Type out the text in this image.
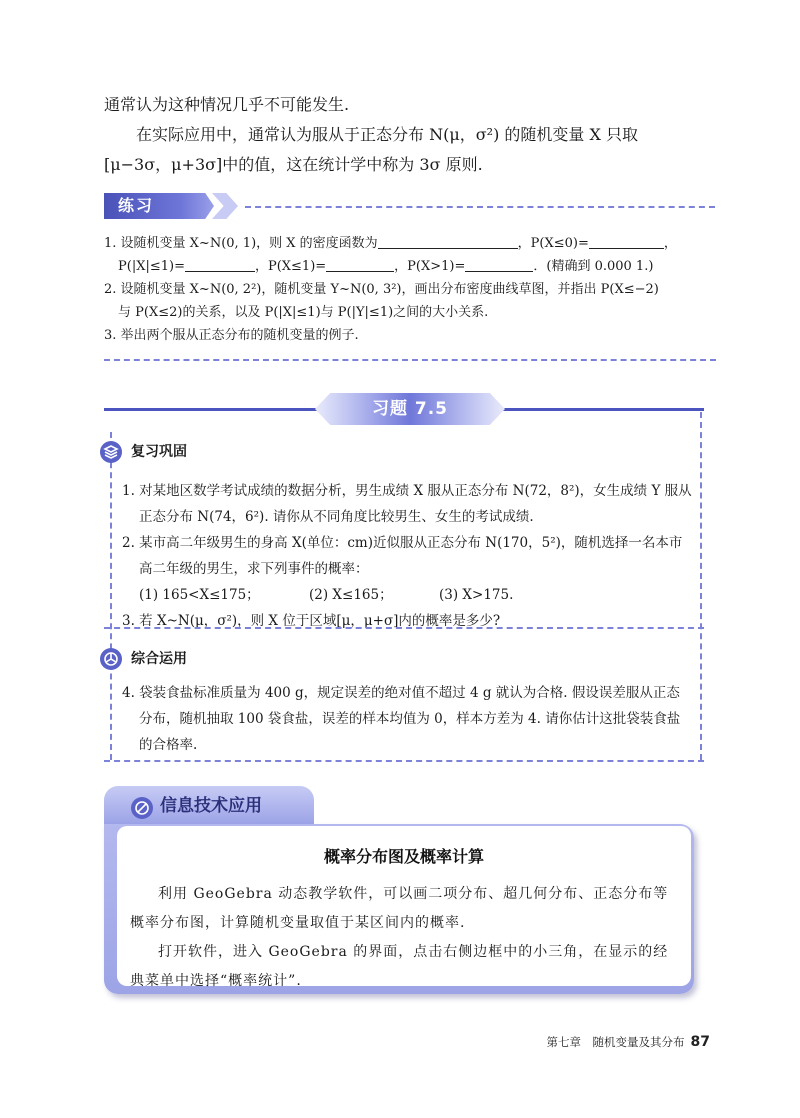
通常认为这种情况几乎不可能发生.

在实际应用中，通常认为服从于正态分布 N(μ，σ²) 的随机变量 X 只取

[μ−3σ，μ+3σ]中的值，这在统计学中称为 3σ 原则.

练习
1. 设随机变量 X~N(0, 1)，则 X 的密度函数为	，P(X≤0)=	，
P(|X|≤1)=	，P(X≤1)=	，P(X>1)=	．(精确到 0.000 1.)
2. 设随机变量 X~N(0, 2²)，随机变量 Y~N(0, 3²)，画出分布密度曲线草图，并指出 P(X≤−2)
与 P(X≤2)的关系，以及 P(|X|≤1)与 P(|Y|≤1)之间的大小关系.
3. 举出两个服从正态分布的随机变量的例子.
习题 7.5
复习巩固

1. 对某地区数学考试成绩的数据分析，男生成绩 X 服从正态分布 N(72，8²)，女生成绩 Y 服从正态分布 N(74，6²). 请你从不同角度比较男生、女生的考试成绩.

2. 某市高二年级男生的身高 X(单位：cm)近似服从正态分布 N(170，5²)，随机选择一名本市高二年级的男生，求下列事件的概率：

(1) 165<X≤175；	(2) X≤165；	(3) X>175.

3. 若 X~N(μ，σ²)，则 X 位于区域[μ，μ+σ]内的概率是多少?

综合运用

4. 袋装食盐标准质量为 400 g，规定误差的绝对值不超过 4 g 就认为合格. 假设误差服从正态分布，随机抽取 100 袋食盐，误差的样本均值为 0，样本方差为 4. 请你估计这批袋装食盐的合格率.

信息技术应用
概率分布图及概率计算

利用 GeoGebra 动态教学软件，可以画二项分布、超几何分布、正态分布等概率分布图，计算随机变量取值于某区间内的概率.

打开软件，进入 GeoGebra 的界面，点击右侧边框中的小三角，在显示的经典菜单中选择“概率统计”.

第七章　随机变量及其分布 87
